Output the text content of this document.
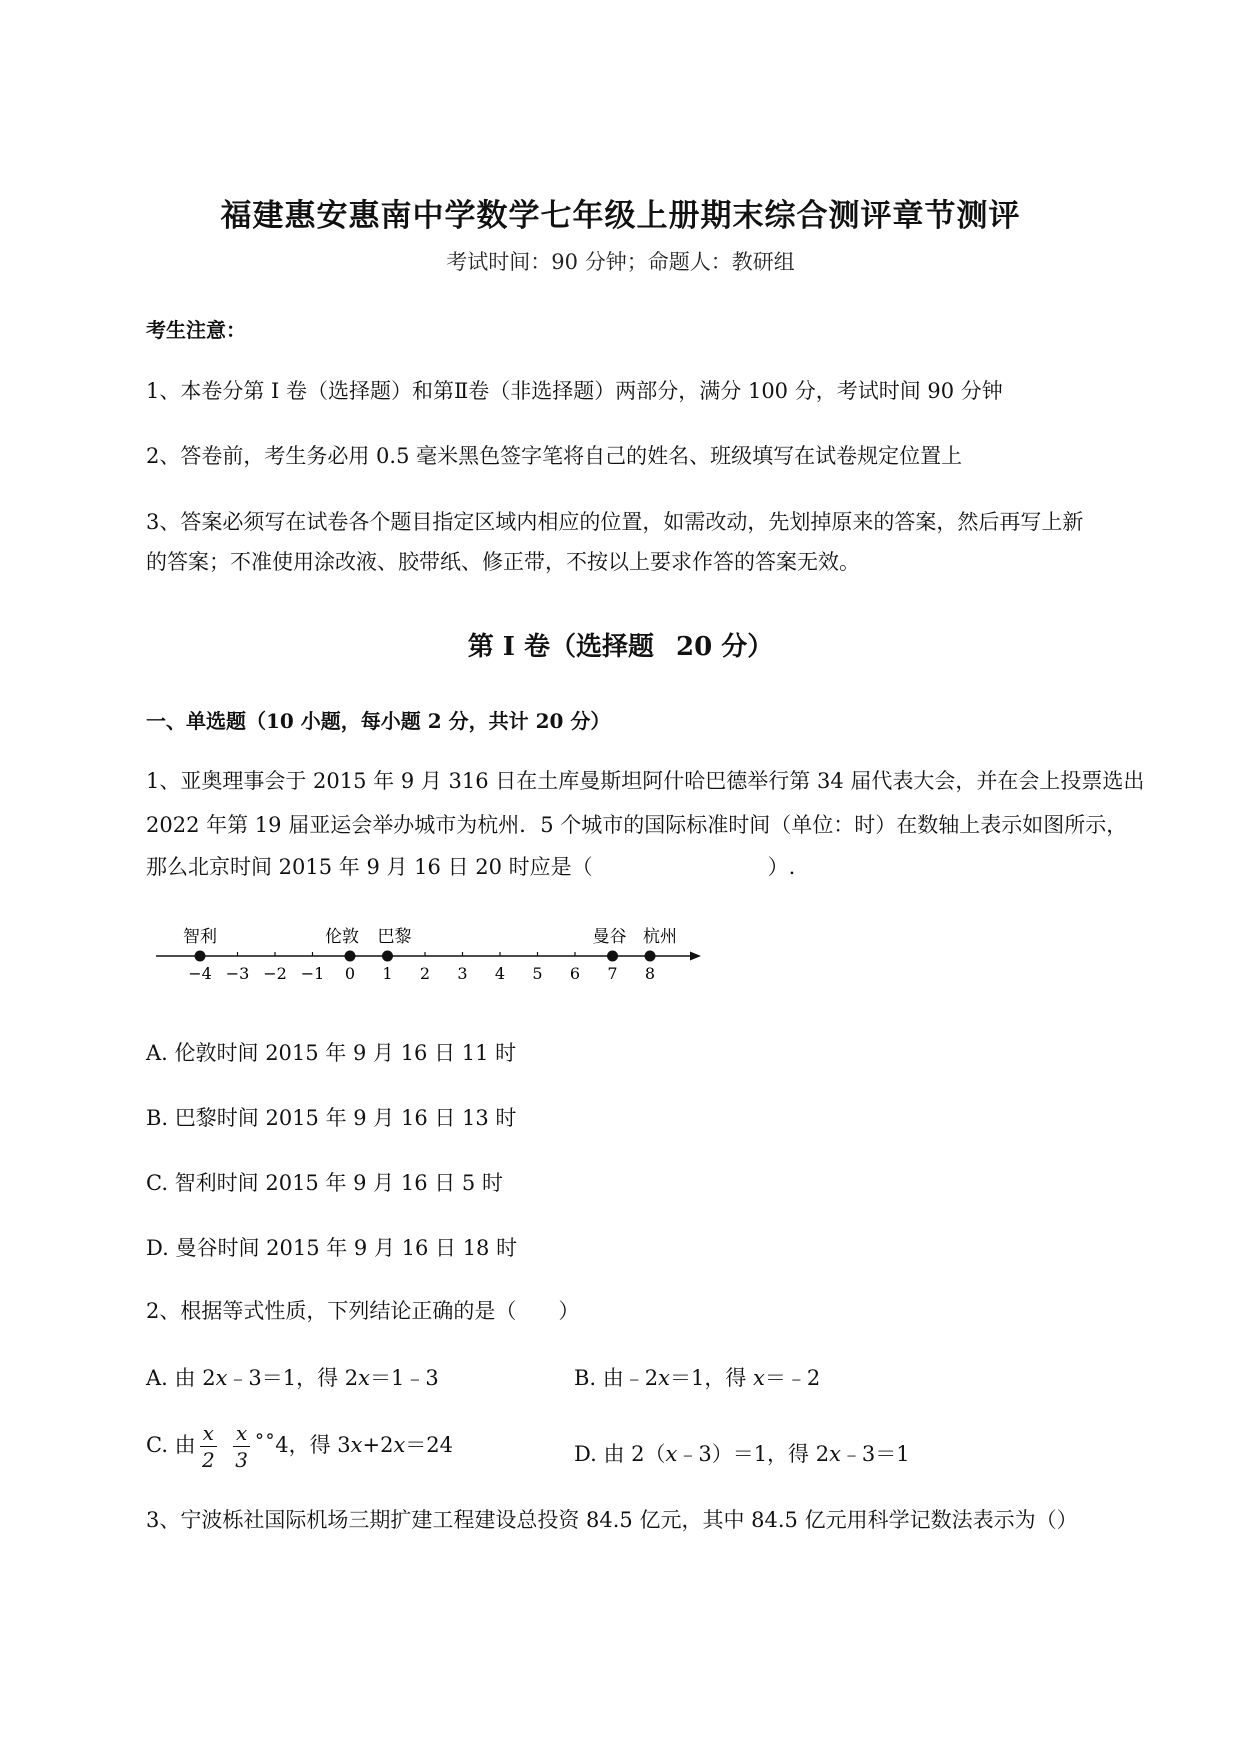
福建惠安惠南中学数学七年级上册期末综合测评章节测评
考试时间：90 分钟；命题人：教研组
考生注意：
1、本卷分第 I 卷（选择题）和第Ⅱ卷（非选择题）两部分，满分 100 分，考试时间 90 分钟
2、答卷前，考生务必用 0.5 毫米黑色签字笔将自己的姓名、班级填写在试卷规定位置上
3、答案必须写在试卷各个题目指定区域内相应的位置，如需改动，先划掉原来的答案，然后再写上新
的答案；不准使用涂改液、胶带纸、修正带，不按以上要求作答的答案无效。
第 I 卷（选择题 20 分）
一、单选题（10 小题，每小题 2 分，共计 20 分）
1、亚奥理事会于 2015 年 9 月 316 日在土库曼斯坦阿什哈巴德举行第 34 届代表大会，并在会上投票选出
2022 年第 19 届亚运会举办城市为杭州．5 个城市的国际标准时间（单位：时）在数轴上表示如图所示，
那么北京时间 2015 年 9 月 16 日 20 时应是（	）.
−4 −3 −2 −1 0 1 2 3 4 5 6 7 8
智利	伦敦 巴黎	曼谷 杭州
A. 伦敦时间 2015 年 9 月 16 日 11 时
B. 巴黎时间 2015 年 9 月 16 日 13 时
C. 智利时间 2015 年 9 月 16 日 5 时
D. 曼谷时间 2015 年 9 月 16 日 18 时
2、根据等式性质，下列结论正确的是（ ）
A. 由 2x﹣3＝1，得 2x＝1﹣3	B. 由﹣2x＝1，得 x＝﹣2
C. 由 $\frac{x}{2} \frac{x}{3}$ ˚˚4，得 3x+2x＝24	D. 由 2（x﹣3）＝1，得 2x﹣3＝1
3、宁波栎社国际机场三期扩建工程建设总投资 84.5 亿元，其中 84.5 亿元用科学记数法表示为（）
